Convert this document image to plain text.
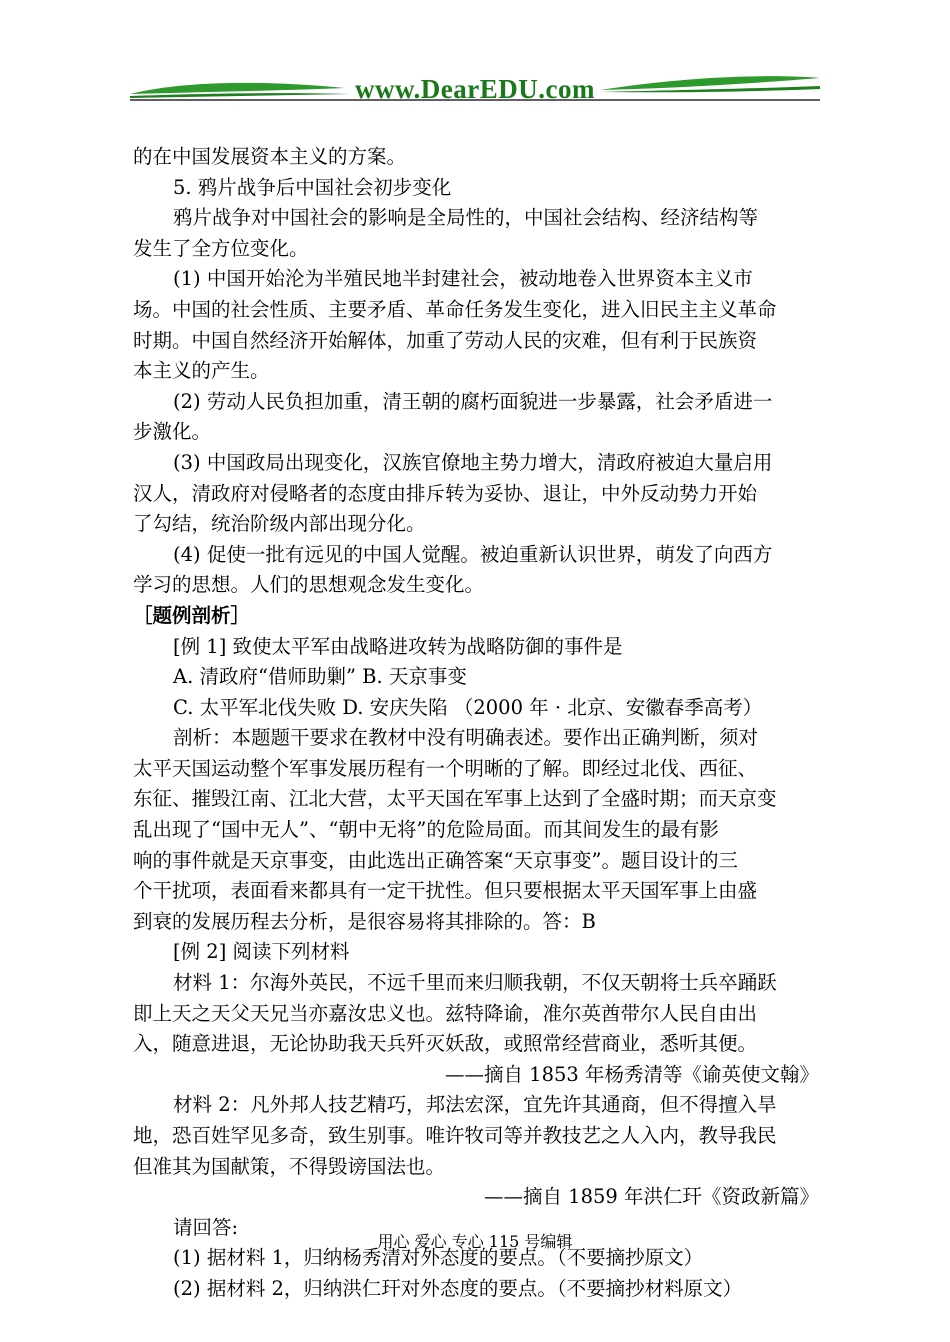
www.DearEDU.com
的在中国发展资本主义的方案。
5. 鸦片战争后中国社会初步变化
鸦片战争对中国社会的影响是全局性的，中国社会结构、经济结构等
发生了全方位变化。
(1) 中国开始沦为半殖民地半封建社会，被动地卷入世界资本主义市
场。中国的社会性质、主要矛盾、革命任务发生变化，进入旧民主主义革命
时期。中国自然经济开始解体，加重了劳动人民的灾难，但有利于民族资
本主义的产生。
(2) 劳动人民负担加重，清王朝的腐朽面貌进一步暴露，社会矛盾进一
步激化。
(3) 中国政局出现变化，汉族官僚地主势力增大，清政府被迫大量启用
汉人，清政府对侵略者的态度由排斥转为妥协、退让，中外反动势力开始
了勾结，统治阶级内部出现分化。
(4) 促使一批有远见的中国人觉醒。被迫重新认识世界，萌发了向西方
学习的思想。人们的思想观念发生变化。
［题例剖析］
[例 1] 致使太平军由战略进攻转为战略防御的事件是
A. 清政府“借师助剿” B. 天京事变
C. 太平军北伐失败 D. 安庆失陷 （2000 年 · 北京、安徽春季高考）
剖析：本题题干要求在教材中没有明确表述。要作出正确判断，须对
太平天国运动整个军事发展历程有一个明晰的了解。即经过北伐、西征、
东征、摧毁江南、江北大营，太平天国在军事上达到了全盛时期；而天京变
乱出现了“国中无人”、“朝中无将”的危险局面。而其间发生的最有影
响的事件就是天京事变，由此选出正确答案“天京事变”。题目设计的三
个干扰项，表面看来都具有一定干扰性。但只要根据太平天国军事上由盛
到衰的发展历程去分析，是很容易将其排除的。答：B
[例 2] 阅读下列材料
材料 1：尔海外英民，不远千里而来归顺我朝，不仅天朝将士兵卒踊跃
即上天之天父天兄当亦嘉汝忠义也。兹特降谕，准尔英酋带尔人民自由出
入，随意进退，无论协助我天兵歼灭妖敌，或照常经营商业，悉听其便。
——摘自 1853 年杨秀清等《谕英使文翰》
材料 2：凡外邦人技艺精巧，邦法宏深，宜先许其通商，但不得擅入旱
地，恐百姓罕见多奇，致生别事。唯许牧司等并教技艺之人入内，教导我民
但准其为国献策，不得毁谤国法也。
——摘自 1859 年洪仁玕《资政新篇》
请回答:
(1) 据材料 1，归纳杨秀清对外态度的要点。（不要摘抄原文）
(2) 据材料 2，归纳洪仁玕对外态度的要点。（不要摘抄材料原文）
用心 爱心 专心 115 号编辑
